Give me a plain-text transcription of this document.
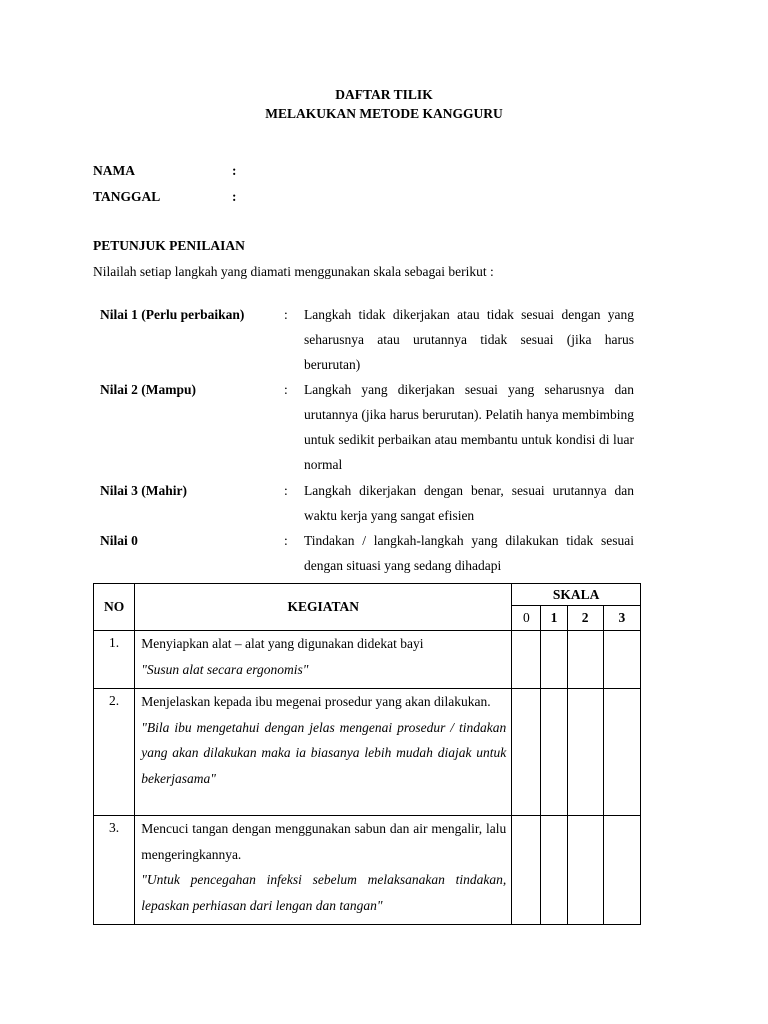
DAFTAR TILIK
MELAKUKAN METODE KANGGURU
NAMA	:
TANGGAL	:
PETUNJUK PENILAIAN
Nilailah setiap langkah yang diamati menggunakan skala sebagai berikut :
Nilai 1 (Perlu perbaikan)	: Langkah tidak dikerjakan atau tidak sesuai dengan yang seharusnya atau urutannya tidak sesuai (jika harus berurutan)
Nilai 2 (Mampu)	: Langkah yang dikerjakan sesuai yang seharusnya dan urutannya (jika harus berurutan). Pelatih hanya membimbing untuk sedikit perbaikan atau membantu untuk kondisi di luar normal
Nilai 3 (Mahir)	: Langkah dikerjakan dengan benar, sesuai urutannya dan waktu kerja yang sangat efisien
Nilai 0	: Tindakan / langkah-langkah yang dilakukan tidak sesuai dengan situasi yang sedang dihadapi
NO	KEGIATAN	SKALA			
		0	1	2	3
1.	Menyiapkan alat – alat yang digunakan didekat bayi
"Susun alat secara ergonomis"				

2.	Menjelaskan kepada ibu megenai prosedur yang akan dilakukan.
"Bila ibu mengetahui dengan jelas mengenai prosedur / tindakan yang akan dilakukan maka ia biasanya lebih mudah diajak untuk bekerjasama"				

3.	Mencuci tangan dengan menggunakan sabun dan air mengalir, lalu mengeringkannya.
"Untuk pencegahan infeksi sebelum melaksanakan tindakan, lepaskan perhiasan dari lengan dan tangan"				
